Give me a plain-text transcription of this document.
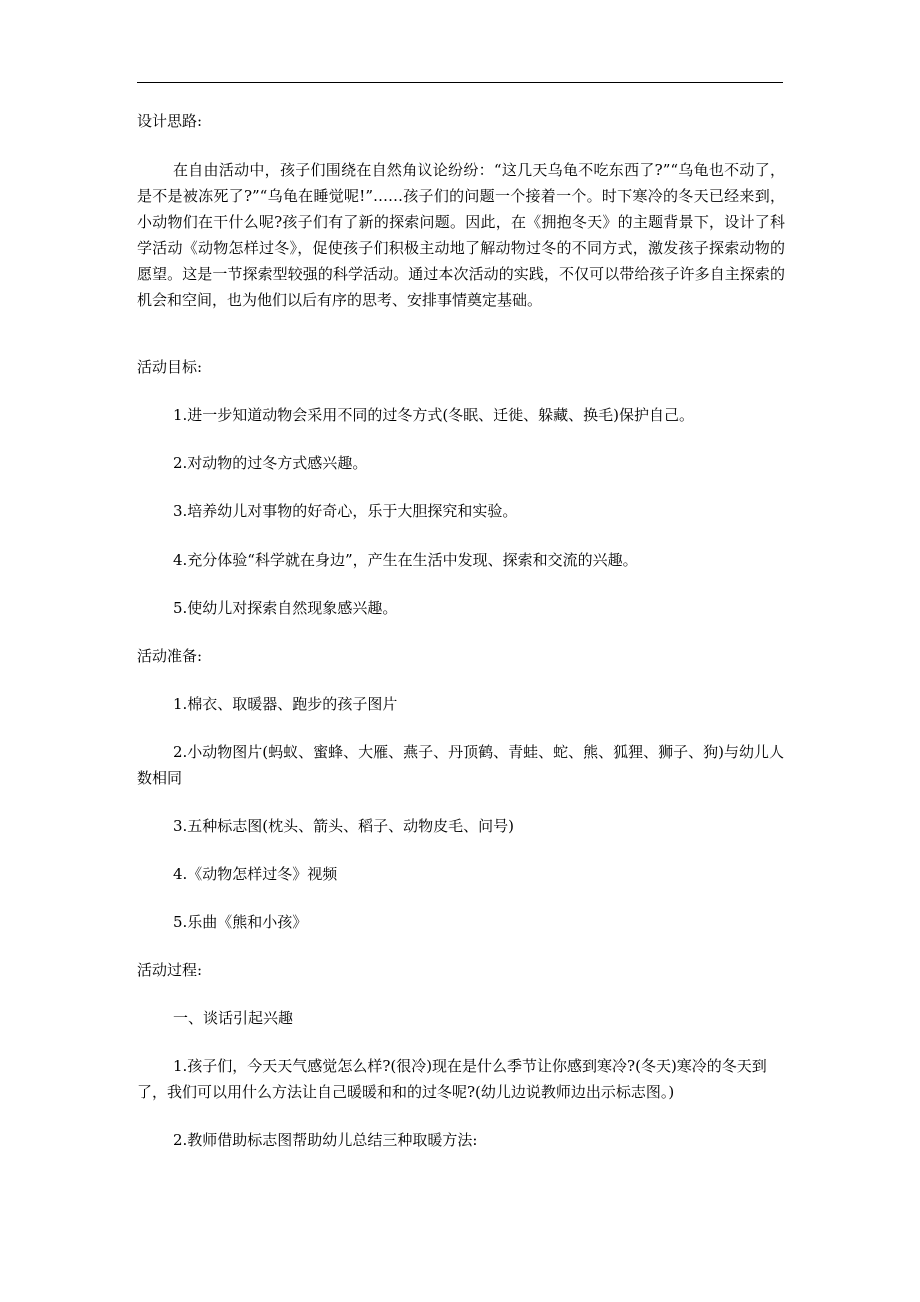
设计思路:
在自由活动中，孩子们围绕在自然角议论纷纷：“这几天乌龟不吃东西了?”“乌龟也不动了，是不是被冻死了?”“乌龟在睡觉呢!”……孩子们的问题一个接着一个。时下寒冷的冬天已经来到，小动物们在干什么呢?孩子们有了新的探索问题。因此，在《拥抱冬天》的主题背景下，设计了科学活动《动物怎样过冬》，促使孩子们积极主动地了解动物过冬的不同方式，激发孩子探索动物的愿望。这是一节探索型较强的科学活动。通过本次活动的实践，不仅可以带给孩子许多自主探索的机会和空间，也为他们以后有序的思考、安排事情奠定基础。
活动目标:
1.进一步知道动物会采用不同的过冬方式(冬眠、迁徙、躲藏、换毛)保护自己。
2.对动物的过冬方式感兴趣。
3.培养幼儿对事物的好奇心，乐于大胆探究和实验。
4.充分体验“科学就在身边”，产生在生活中发现、探索和交流的兴趣。
5.使幼儿对探索自然现象感兴趣。
活动准备:
1.棉衣、取暖器、跑步的孩子图片
2.小动物图片(蚂蚁、蜜蜂、大雁、燕子、丹顶鹤、青蛙、蛇、熊、狐狸、狮子、狗)与幼儿人数相同
3.五种标志图(枕头、箭头、稻子、动物皮毛、问号)
4.《动物怎样过冬》视频
5.乐曲《熊和小孩》
活动过程:
一、谈话引起兴趣
1.孩子们，今天天气感觉怎么样?(很冷)现在是什么季节让你感到寒冷?(冬天)寒冷的冬天到了，我们可以用什么方法让自己暖暖和和的过冬呢?(幼儿边说教师边出示标志图。)
2.教师借助标志图帮助幼儿总结三种取暖方法:
